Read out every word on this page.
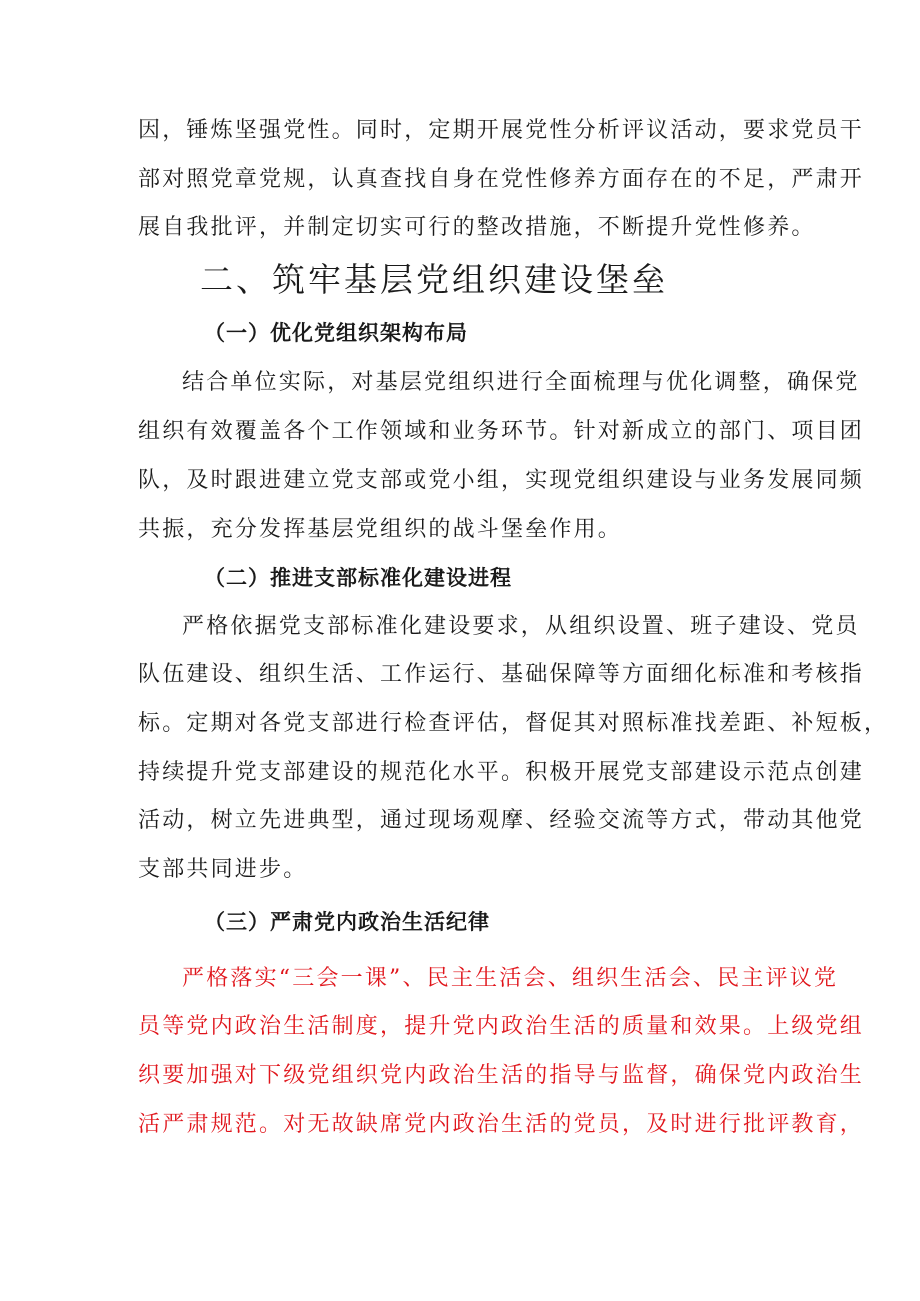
因，锤炼坚强党性。同时，定期开展党性分析评议活动，要求党员干
部对照党章党规，认真查找自身在党性修养方面存在的不足，严肃开
展自我批评，并制定切实可行的整改措施，不断提升党性修养。
二、筑牢基层党组织建设堡垒
（一）优化党组织架构布局
结合单位实际，对基层党组织进行全面梳理与优化调整，确保党
组织有效覆盖各个工作领域和业务环节。针对新成立的部门、项目团
队，及时跟进建立党支部或党小组，实现党组织建设与业务发展同频
共振，充分发挥基层党组织的战斗堡垒作用。
（二）推进支部标准化建设进程
严格依据党支部标准化建设要求，从组织设置、班子建设、党员
队伍建设、组织生活、工作运行、基础保障等方面细化标准和考核指
标。定期对各党支部进行检查评估，督促其对照标准找差距、补短板，
持续提升党支部建设的规范化水平。积极开展党支部建设示范点创建
活动，树立先进典型，通过现场观摩、经验交流等方式，带动其他党
支部共同进步。
（三）严肃党内政治生活纪律
严格落实“三会一课”、民主生活会、组织生活会、民主评议党
员等党内政治生活制度，提升党内政治生活的质量和效果。上级党组
织要加强对下级党组织党内政治生活的指导与监督，确保党内政治生
活严肃规范。对无故缺席党内政治生活的党员，及时进行批评教育，
